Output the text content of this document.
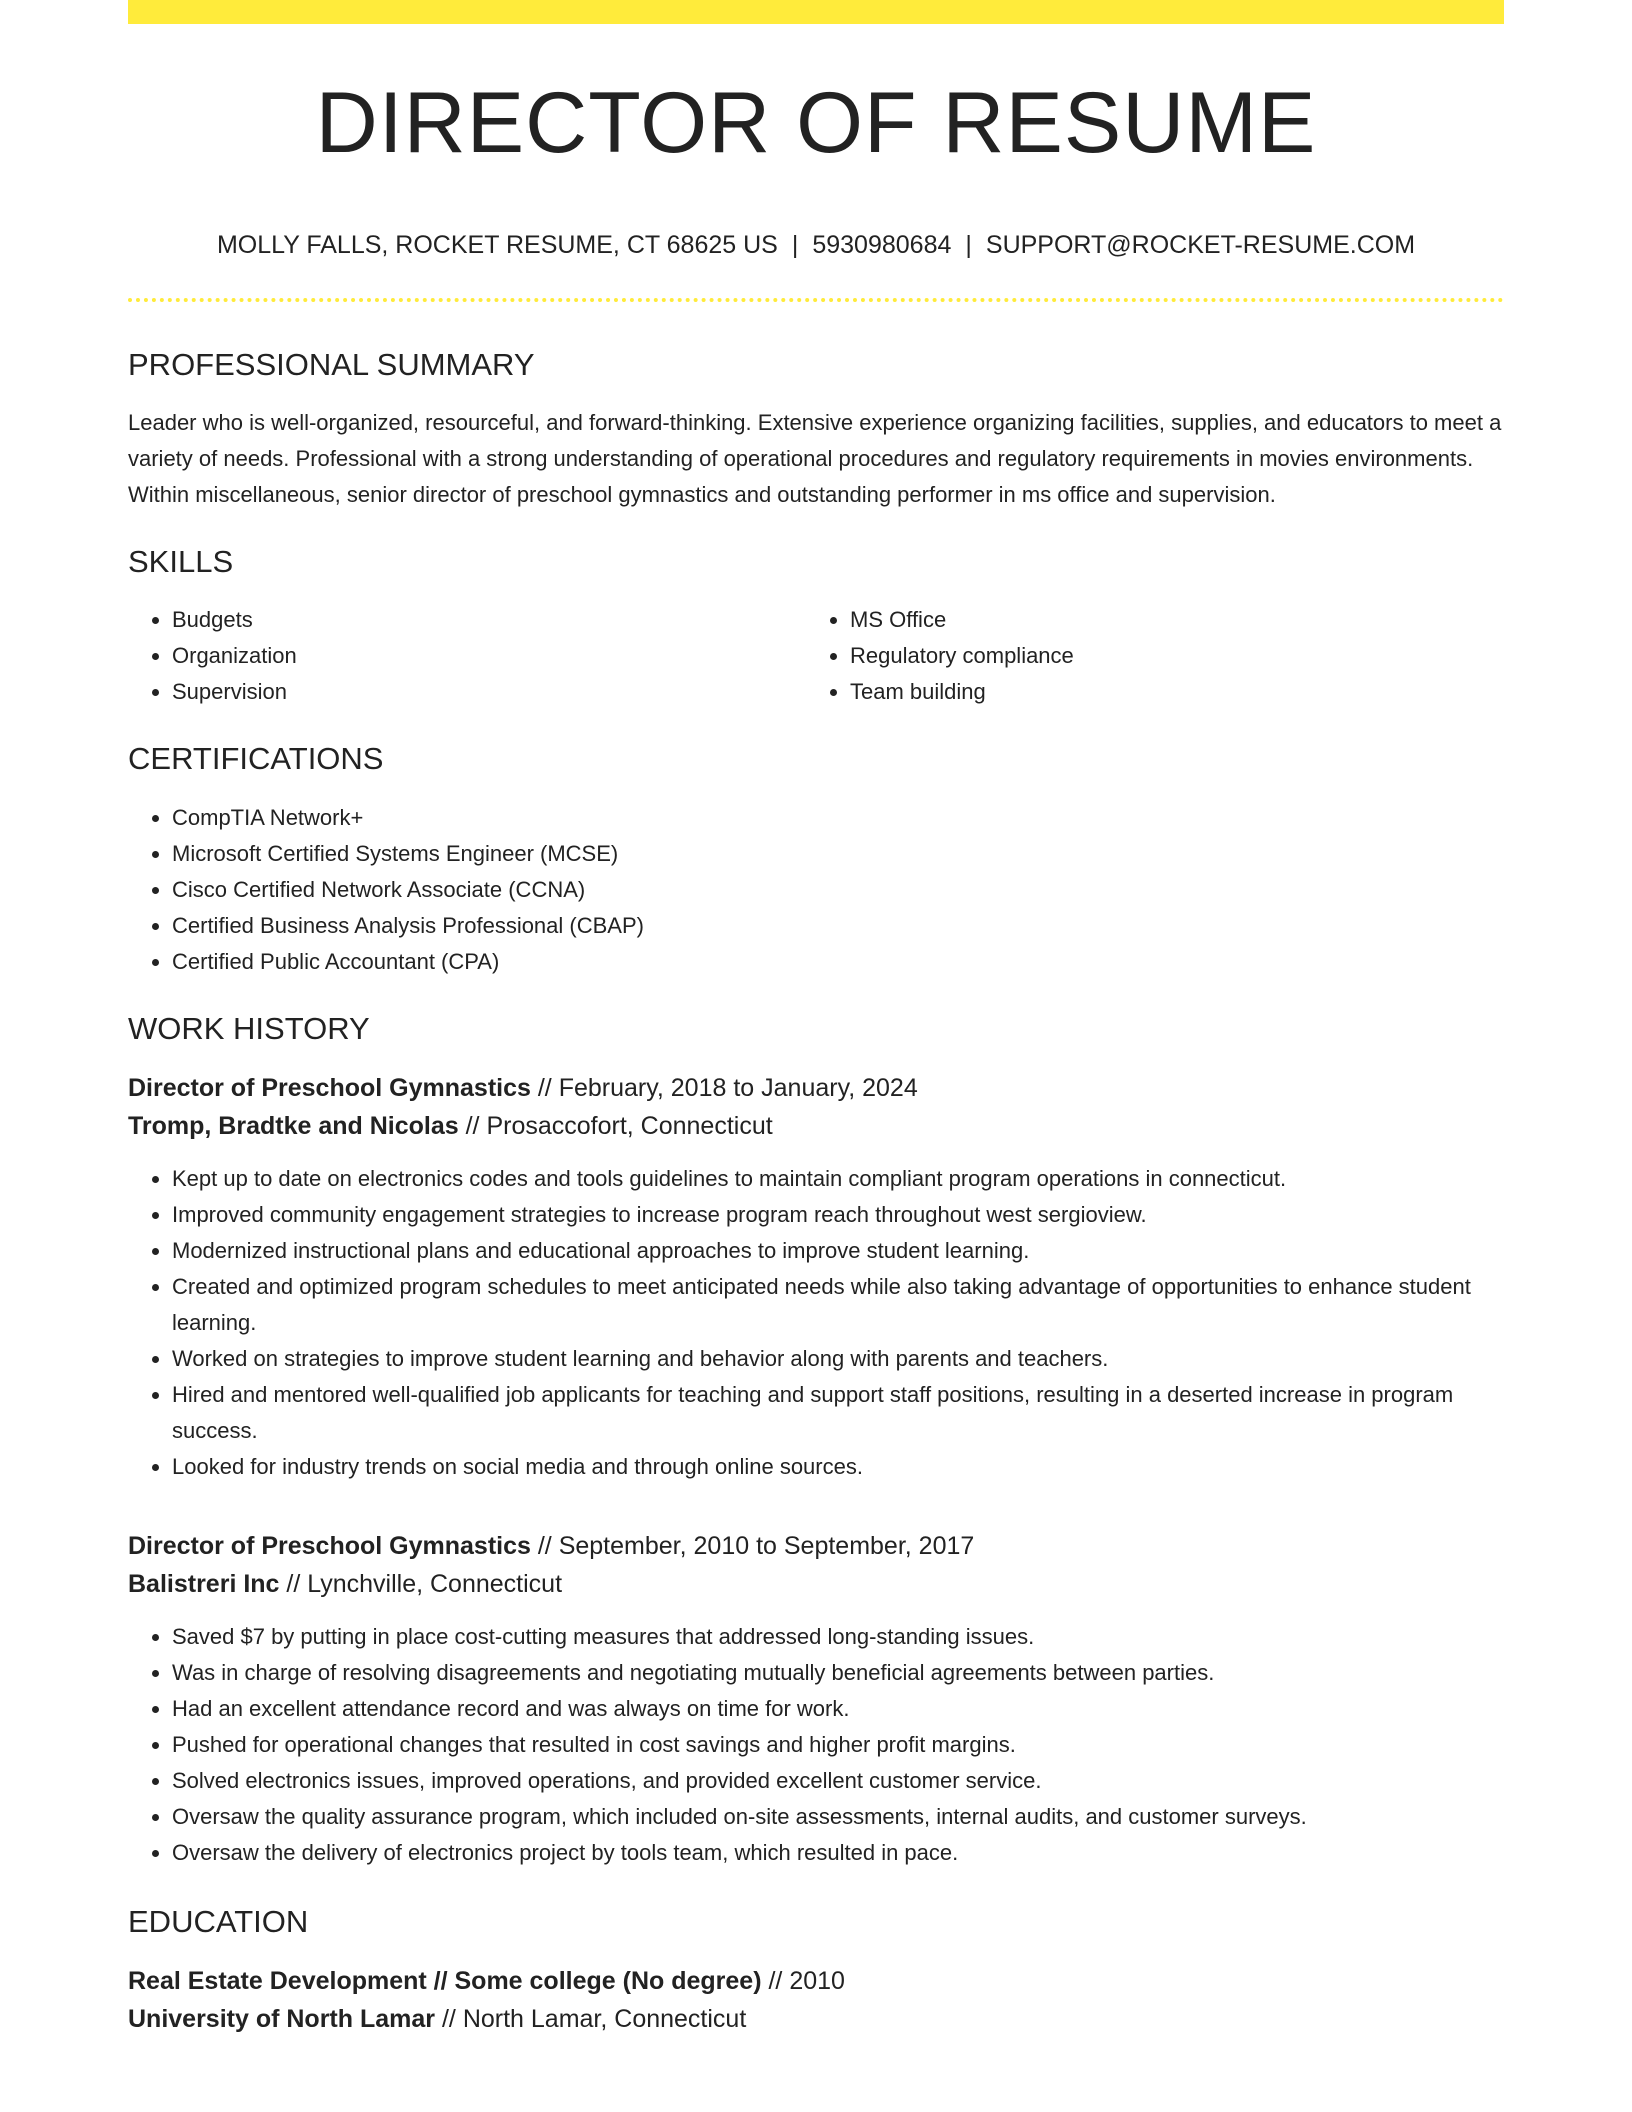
DIRECTOR OF RESUME
MOLLY FALLS, ROCKET RESUME, CT 68625 US | 5930980684 | SUPPORT@ROCKET-RESUME.COM
PROFESSIONAL SUMMARY

Leader who is well-organized, resourceful, and forward-thinking. Extensive experience organizing facilities, supplies, and educators to meet a variety of needs. Professional with a strong understanding of operational procedures and regulatory requirements in movies environments. Within miscellaneous, senior director of preschool gymnastics and outstanding performer in ms office and supervision.

SKILLS
• Budgets
• Organization
• Supervision
• MS Office
• Regulatory compliance
• Team building
CERTIFICATIONS
• CompTIA Network+
• Microsoft Certified Systems Engineer (MCSE)
• Cisco Certified Network Associate (CCNA)
• Certified Business Analysis Professional (CBAP)
• Certified Public Accountant (CPA)
WORK HISTORY
Director of Preschool Gymnastics // February, 2018 to January, 2024
Tromp, Bradtke and Nicolas // Prosaccofort, Connecticut
• Kept up to date on electronics codes and tools guidelines to maintain compliant program operations in connecticut.
• Improved community engagement strategies to increase program reach throughout west sergioview.
• Modernized instructional plans and educational approaches to improve student learning.
• Created and optimized program schedules to meet anticipated needs while also taking advantage of opportunities to enhance student learning.
• Worked on strategies to improve student learning and behavior along with parents and teachers.
• Hired and mentored well-qualified job applicants for teaching and support staff positions, resulting in a deserted increase in program success.
• Looked for industry trends on social media and through online sources.
Director of Preschool Gymnastics // September, 2010 to September, 2017
Balistreri Inc // Lynchville, Connecticut
• Saved $7 by putting in place cost-cutting measures that addressed long-standing issues.
• Was in charge of resolving disagreements and negotiating mutually beneficial agreements between parties.
• Had an excellent attendance record and was always on time for work.
• Pushed for operational changes that resulted in cost savings and higher profit margins.
• Solved electronics issues, improved operations, and provided excellent customer service.
• Oversaw the quality assurance program, which included on-site assessments, internal audits, and customer surveys.
• Oversaw the delivery of electronics project by tools team, which resulted in pace.
EDUCATION
Real Estate Development // Some college (No degree) // 2010
University of North Lamar // North Lamar, Connecticut
